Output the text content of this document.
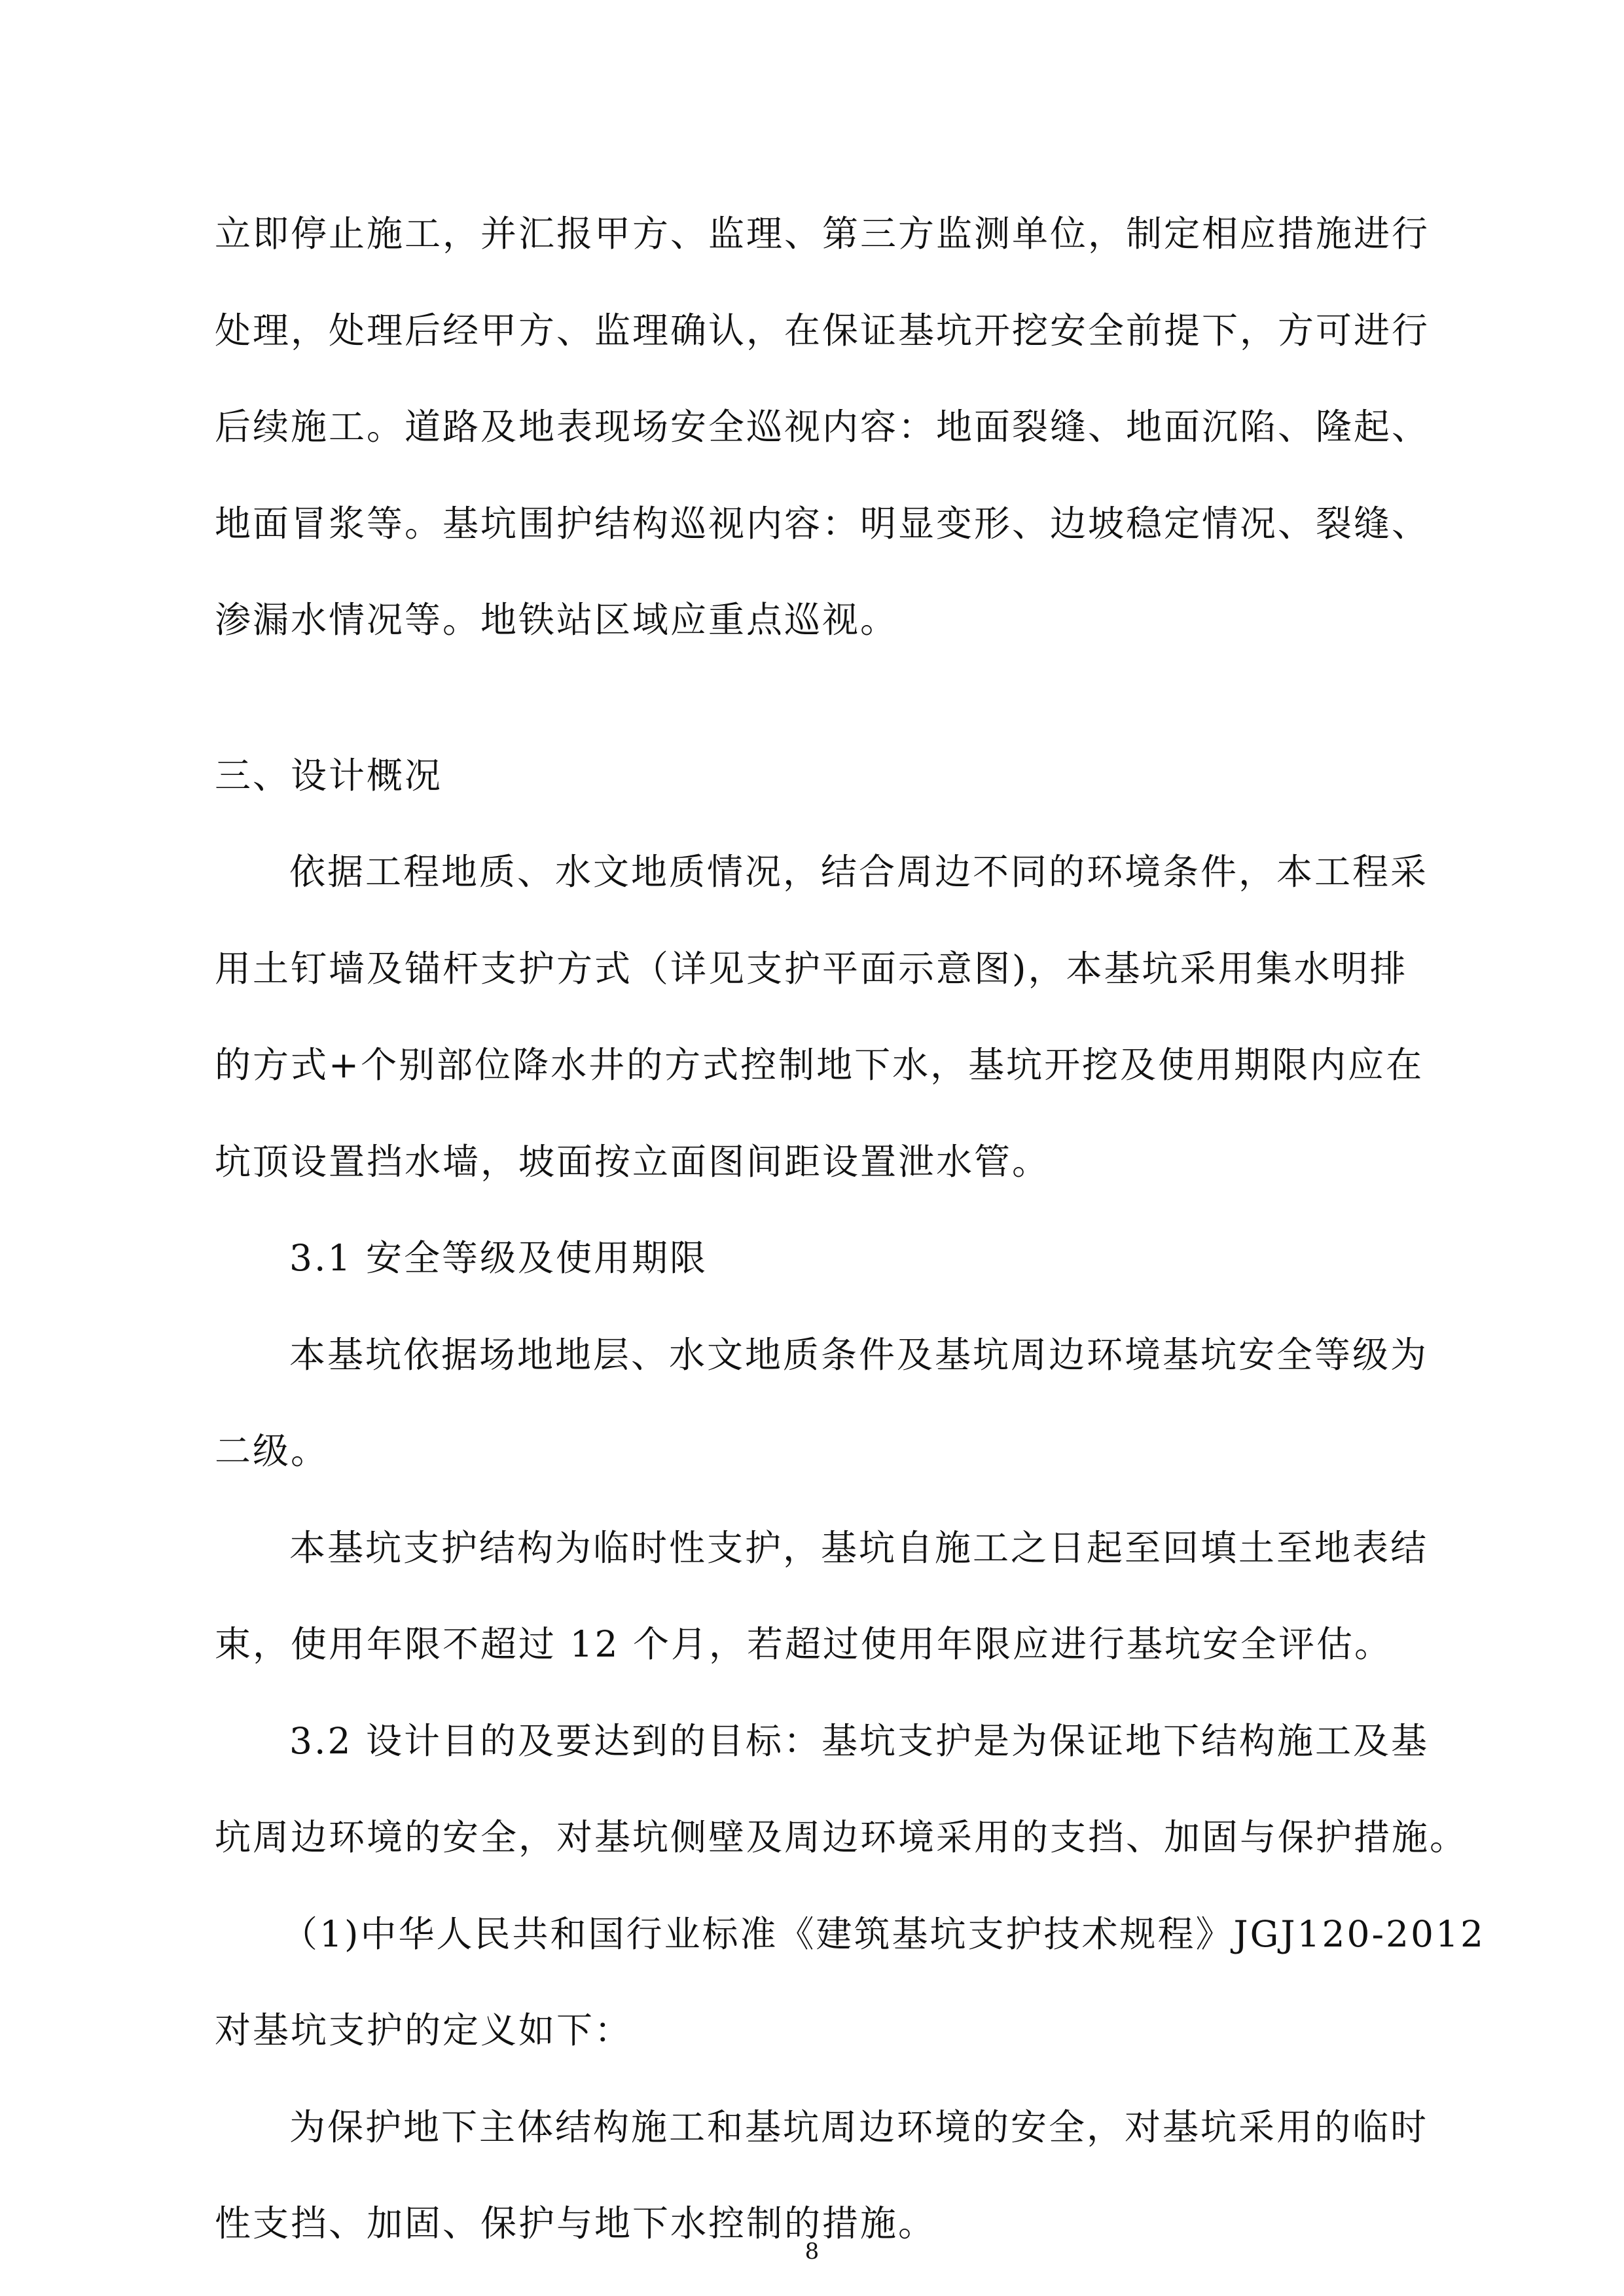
立即停止施工，并汇报甲方、监理、第三方监测单位，制定相应措施进行
处理，处理后经甲方、监理确认，在保证基坑开挖安全前提下，方可进行
后续施工。道路及地表现场安全巡视内容：地面裂缝、地面沉陷、隆起、
地面冒浆等。基坑围护结构巡视内容：明显变形、边坡稳定情况、裂缝、
渗漏水情况等。地铁站区域应重点巡视。
三、设计概况
依据工程地质、水文地质情况，结合周边不同的环境条件，本工程采
用土钉墙及锚杆支护方式（详见支护平面示意图)，本基坑采用集水明排
的方式+个别部位降水井的方式控制地下水，基坑开挖及使用期限内应在
坑顶设置挡水墙，坡面按立面图间距设置泄水管。
3.1 安全等级及使用期限
本基坑依据场地地层、水文地质条件及基坑周边环境基坑安全等级为
二级。
本基坑支护结构为临时性支护，基坑自施工之日起至回填土至地表结
束，使用年限不超过 12 个月，若超过使用年限应进行基坑安全评估。
3.2 设计目的及要达到的目标：基坑支护是为保证地下结构施工及基
坑周边环境的安全，对基坑侧壁及周边环境采用的支挡、加固与保护措施。
（1)中华人民共和国行业标准《建筑基坑支护技术规程》JGJ120-2012
对基坑支护的定义如下：
为保护地下主体结构施工和基坑周边环境的安全，对基坑采用的临时
性支挡、加固、保护与地下水控制的措施。
8
